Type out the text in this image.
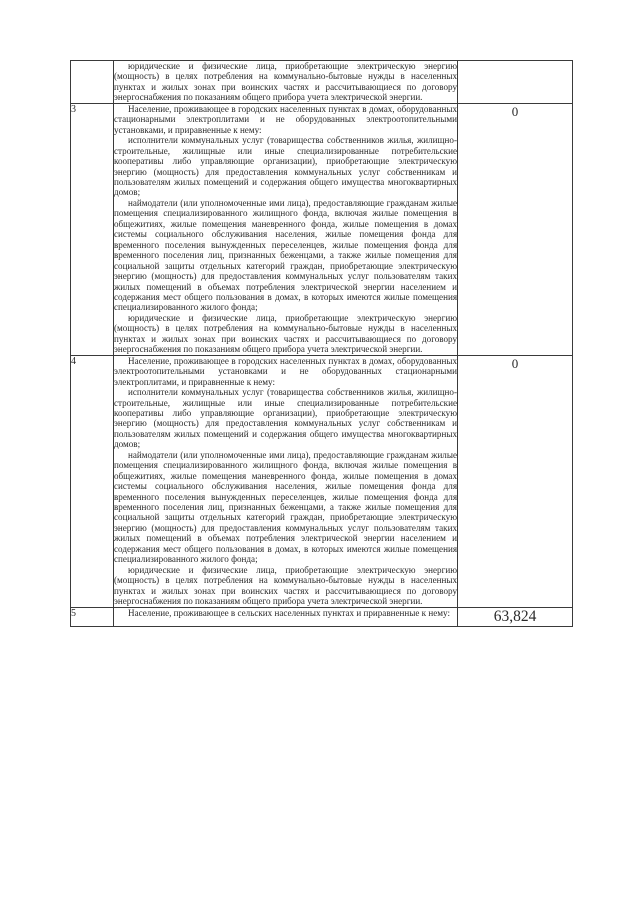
	юридические и физические лица, приобретающие электрическую энергию (мощность) в целях потребления на коммунально-бытовые нужды в населенных пунктах и жилых зонах при воинских частях и рассчитывающиеся по договору энергоснабжения по показаниям общего прибора учета электрической энергии.	

3	Население, проживающее в городских населенных пунктах в домах, оборудованных стационарными электроплитами и не оборудованных электроотопительными установками, и приравненные к нему:

исполнители коммунальных услуг (товарищества собственников жилья, жилищно-строительные, жилищные или иные специализированные потребительские кооперативы либо управляющие организации), приобретающие электрическую энергию (мощность) для предоставления коммунальных услуг собственникам и пользователям жилых помещений и содержания общего имущества многоквартирных домов;

наймодатели (или уполномоченные ими лица), предоставляющие гражданам жилые помещения специализированного жилищного фонда, включая жилые помещения в общежитиях, жилые помещения маневренного фонда, жилые помещения в домах системы социального обслуживания населения, жилые помещения фонда для временного поселения вынужденных переселенцев, жилые помещения фонда для временного поселения лиц, признанных беженцами, а также жилые помещения для социальной защиты отдельных категорий граждан, приобретающие электрическую энергию (мощность) для предоставления коммунальных услуг пользователям таких жилых помещений в объемах потребления электрической энергии населением и содержания мест общего пользования в домах, в которых имеются жилые помещения специализированного жилого фонда;

юридические и физические лица, приобретающие электрическую энергию (мощность) в целях потребления на коммунально-бытовые нужды в населенных пунктах и жилых зонах при воинских частях и рассчитывающиеся по договору энергоснабжения по показаниям общего прибора учета электрической энергии.	0
4	Население, проживающее в городских населенных пунктах в домах, оборудованных электроотопительными установками и не оборудованных стационарными электроплитами, и приравненные к нему:

исполнители коммунальных услуг (товарищества собственников жилья, жилищно-строительные, жилищные или иные специализированные потребительские кооперативы либо управляющие организации), приобретающие электрическую энергию (мощность) для предоставления коммунальных услуг собственникам и пользователям жилых помещений и содержания общего имущества многоквартирных домов;

наймодатели (или уполномоченные ими лица), предоставляющие гражданам жилые помещения специализированного жилищного фонда, включая жилые помещения в общежитиях, жилые помещения маневренного фонда, жилые помещения в домах системы социального обслуживания населения, жилые помещения фонда для временного поселения вынужденных переселенцев, жилые помещения фонда для временного поселения лиц, признанных беженцами, а также жилые помещения для социальной защиты отдельных категорий граждан, приобретающие электрическую энергию (мощность) для предоставления коммунальных услуг пользователям таких жилых помещений в объемах потребления электрической энергии населением и содержания мест общего пользования в домах, в которых имеются жилые помещения специализированного жилого фонда;

юридические и физические лица, приобретающие электрическую энергию (мощность) в целях потребления на коммунально-бытовые нужды в населенных пунктах и жилых зонах при воинских частях и рассчитывающиеся по договору энергоснабжения по показаниям общего прибора учета электрической энергии.	0
5	Население, проживающее в сельских населенных пунктах и приравненные к нему:	63,824
